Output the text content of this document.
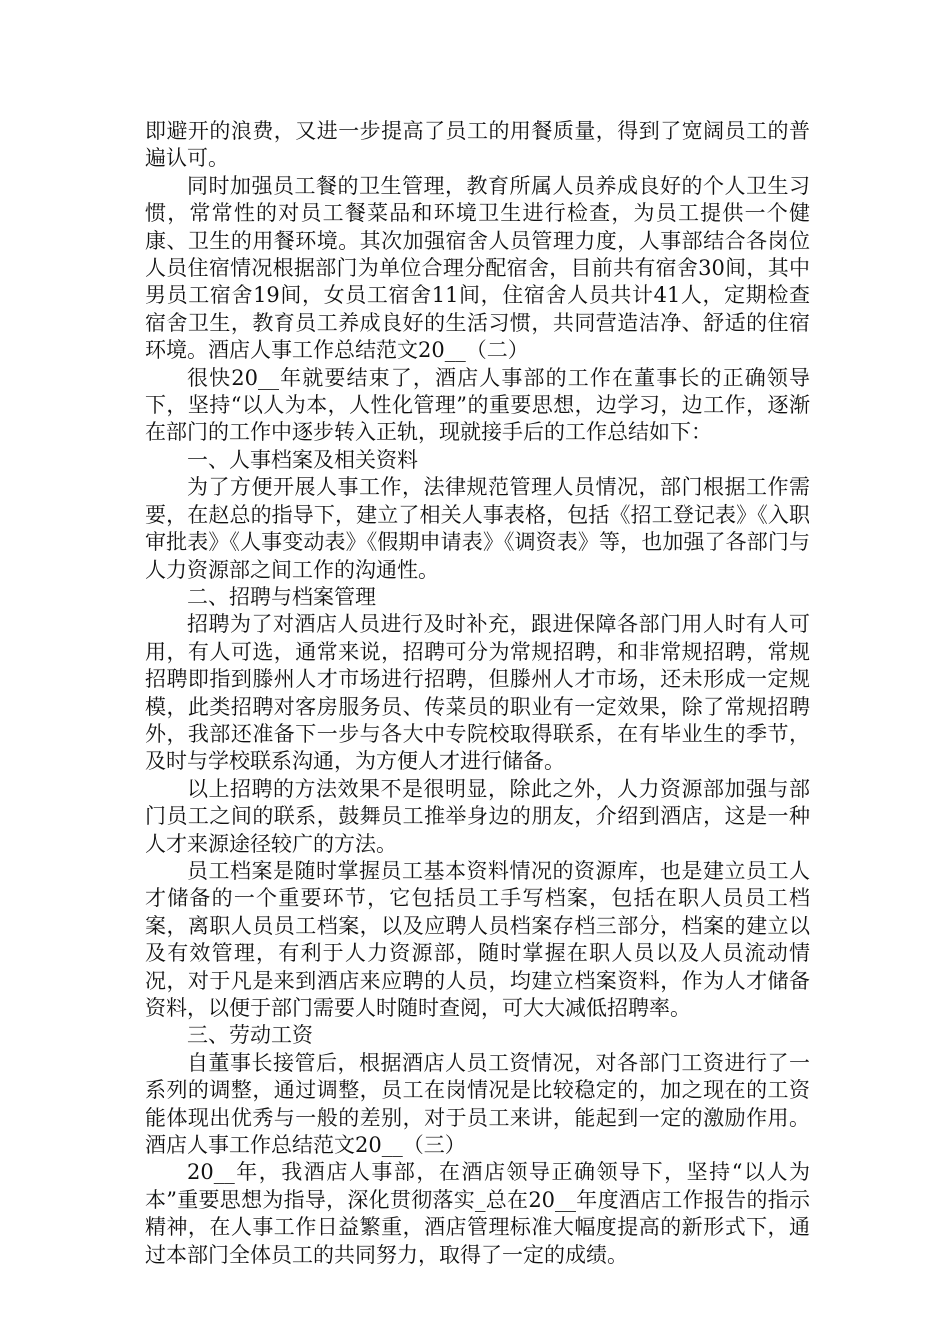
即避开的浪费，又进一步提高了员工的用餐质量，得到了宽阔员工的普遍认可。

同时加强员工餐的卫生管理，教育所属人员养成良好的个人卫生习惯，常常性的对员工餐菜品和环境卫生进行检查，为员工提供一个健康、卫生的用餐环境。其次加强宿舍人员管理力度，人事部结合各岗位人员住宿情况根据部门为单位合理分配宿舍，目前共有宿舍30间，其中男员工宿舍19间，女员工宿舍11间，住宿舍人员共计41人，定期检查宿舍卫生，教育员工养成良好的生活习惯，共同营造洁净、舒适的住宿环境。酒店人事工作总结范文20__（二）

很快20__年就要结束了，酒店人事部的工作在董事长的正确领导下，坚持“以人为本，人性化管理”的重要思想，边学习，边工作，逐渐在部门的工作中逐步转入正轨，现就接手后的工作总结如下：

一、人事档案及相关资料

为了方便开展人事工作，法律规范管理人员情况，部门根据工作需要，在赵总的指导下，建立了相关人事表格，包括《招工登记表》《入职审批表》《人事变动表》《假期申请表》《调资表》等，也加强了各部门与人力资源部之间工作的沟通性。

二、招聘与档案管理

招聘为了对酒店人员进行及时补充，跟进保障各部门用人时有人可用，有人可选，通常来说，招聘可分为常规招聘，和非常规招聘，常规招聘即指到滕州人才市场进行招聘，但滕州人才市场，还未形成一定规模，此类招聘对客房服务员、传菜员的职业有一定效果，除了常规招聘外，我部还准备下一步与各大中专院校取得联系，在有毕业生的季节，及时与学校联系沟通，为方便人才进行储备。

以上招聘的方法效果不是很明显，除此之外，人力资源部加强与部门员工之间的联系，鼓舞员工推举身边的朋友，介绍到酒店，这是一种人才来源途径较广的方法。

员工档案是随时掌握员工基本资料情况的资源库，也是建立员工人才储备的一个重要环节，它包括员工手写档案，包括在职人员员工档案，离职人员员工档案，以及应聘人员档案存档三部分，档案的建立以及有效管理，有利于人力资源部，随时掌握在职人员以及人员流动情况，对于凡是来到酒店来应聘的人员，均建立档案资料，作为人才储备资料，以便于部门需要人时随时查阅，可大大减低招聘率。

三、劳动工资

自董事长接管后，根据酒店人员工资情况，对各部门工资进行了一系列的调整，通过调整，员工在岗情况是比较稳定的，加之现在的工资能体现出优秀与一般的差别，对于员工来讲，能起到一定的激励作用。酒店人事工作总结范文20__（三）

20__年，我酒店人事部，在酒店领导正确领导下，坚持“以人为本”重要思想为指导，深化贯彻落实_总在20__年度酒店工作报告的指示精神，在人事工作日益繁重，酒店管理标准大幅度提高的新形式下，通过本部门全体员工的共同努力，取得了一定的成绩。
